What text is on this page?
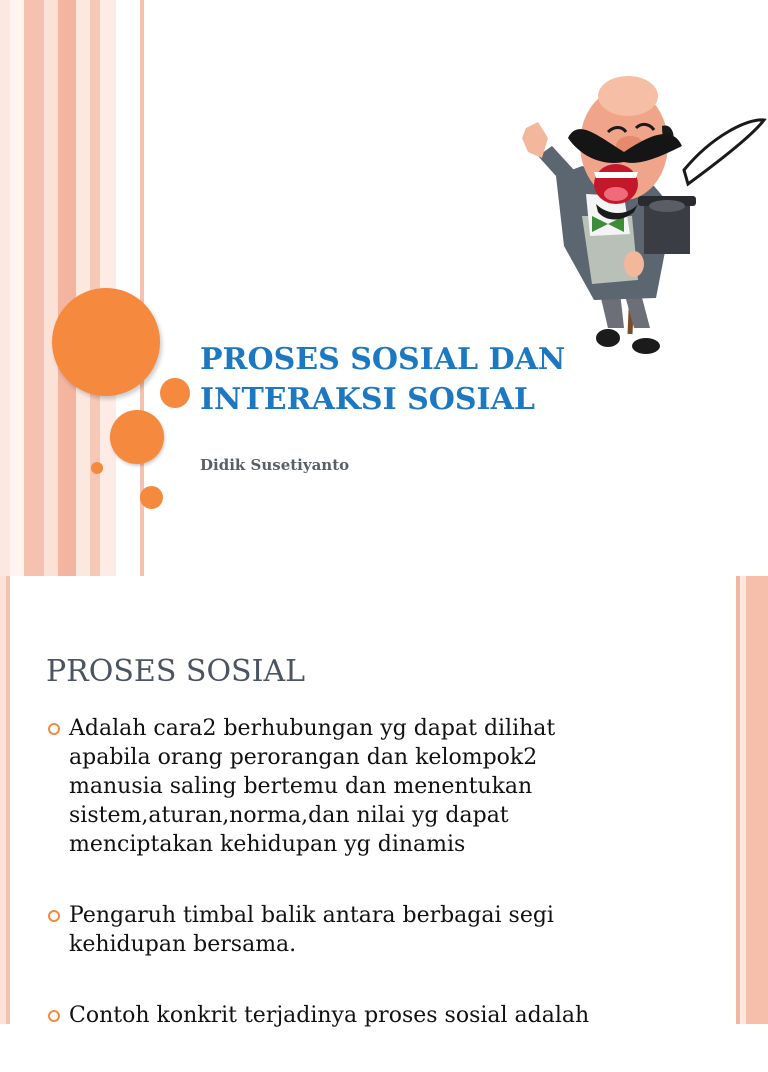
PROSES SOSIAL DAN
INTERAKSI SOSIAL

Didik Susetiyanto

PROSES SOSIAL
Adalah cara2 berhubungan yg dapat dilihat
apabila orang perorangan dan kelompok2
manusia saling bertemu dan menentukan
sistem,aturan,norma,dan nilai yg dapat
menciptakan kehidupan yg dinamis
Pengaruh timbal balik antara berbagai segi
kehidupan bersama.
Contoh konkrit terjadinya proses sosial adalah
